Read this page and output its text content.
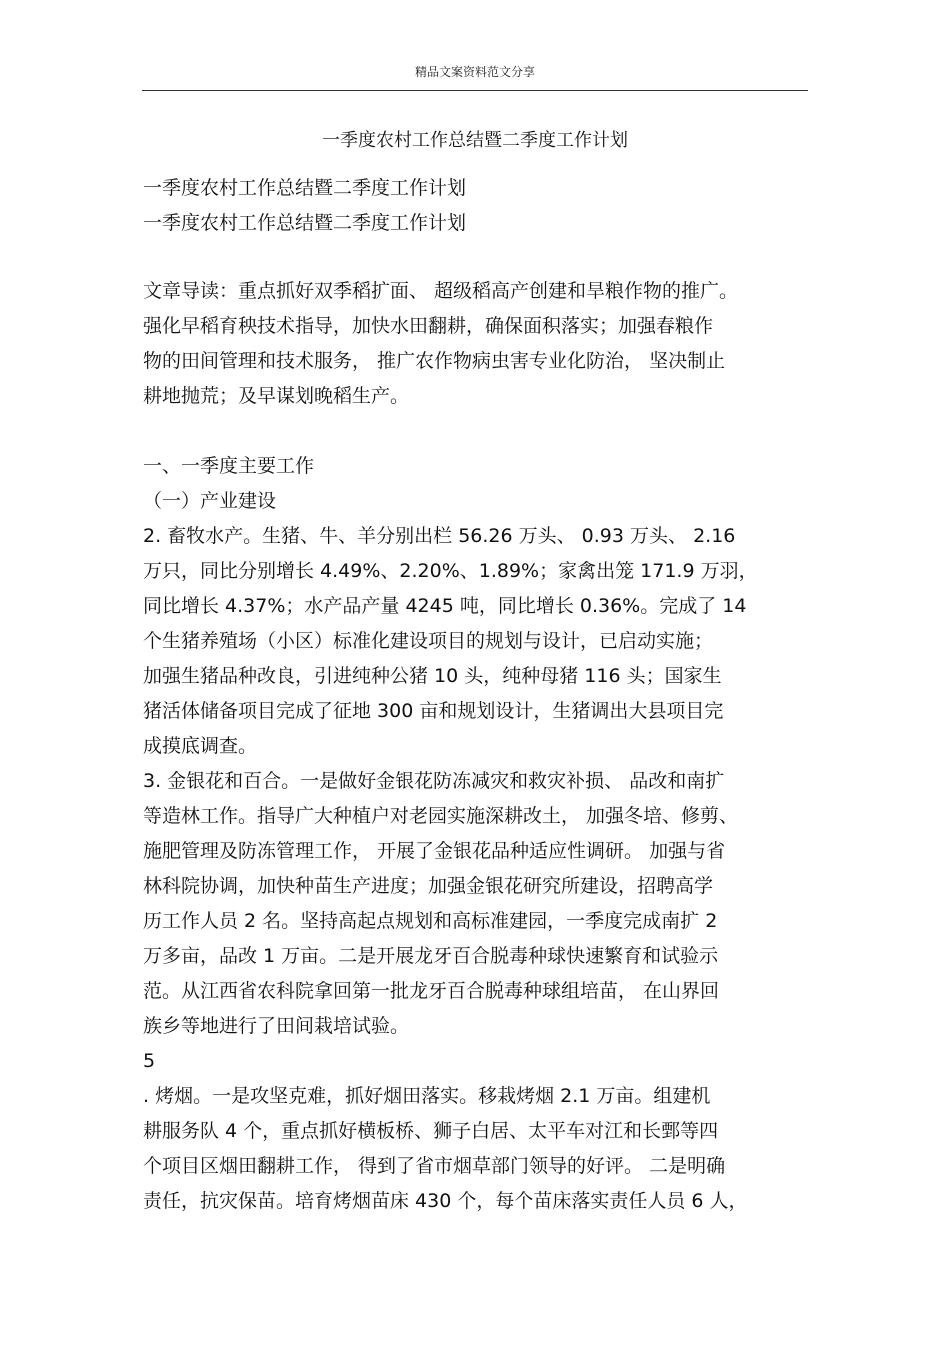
精品文案资料范文分享
一季度农村工作总结暨二季度工作计划
一季度农村工作总结暨二季度工作计划
一季度农村工作总结暨二季度工作计划
文章导读：重点抓好双季稻扩面、 超级稻高产创建和旱粮作物的推广。
强化早稻育秧技术指导，加快水田翻耕，确保面积落实；加强春粮作
物的田间管理和技术服务， 推广农作物病虫害专业化防治， 坚决制止
耕地抛荒；及早谋划晚稻生产。
一、一季度主要工作
（一）产业建设
2. 畜牧水产。生猪、牛、羊分别出栏 56.26 万头、 0.93 万头、 2.16
万只，同比分别增长 4.49%、2.20%、1.89%；家禽出笼 171.9 万羽，
同比增长 4.37%；水产品产量 4245 吨，同比增长 0.36%。完成了 14
个生猪养殖场（小区）标准化建设项目的规划与设计，已启动实施；
加强生猪品种改良，引进纯种公猪 10 头，纯种母猪 116 头；国家生
猪活体储备项目完成了征地 300 亩和规划设计，生猪调出大县项目完
成摸底调查。
3. 金银花和百合。一是做好金银花防冻减灾和救灾补损、 品改和南扩
等造林工作。指导广大种植户对老园实施深耕改土， 加强冬培、修剪、
施肥管理及防冻管理工作， 开展了金银花品种适应性调研。 加强与省
林科院协调，加快种苗生产进度；加强金银花研究所建设，招聘高学
历工作人员 2 名。坚持高起点规划和高标准建园，一季度完成南扩 2
万多亩，品改 1 万亩。二是开展龙牙百合脱毒种球快速繁育和试验示
范。从江西省农科院拿回第一批龙牙百合脱毒种球组培苗， 在山界回
族乡等地进行了田间栽培试验。
5
. 烤烟。一是攻坚克难，抓好烟田落实。移栽烤烟 2.1 万亩。组建机
耕服务队 4 个，重点抓好横板桥、狮子白居、太平车对江和长鄄等四
个项目区烟田翻耕工作， 得到了省市烟草部门领导的好评。 二是明确
责任，抗灾保苗。培育烤烟苗床 430 个，每个苗床落实责任人员 6 人，
